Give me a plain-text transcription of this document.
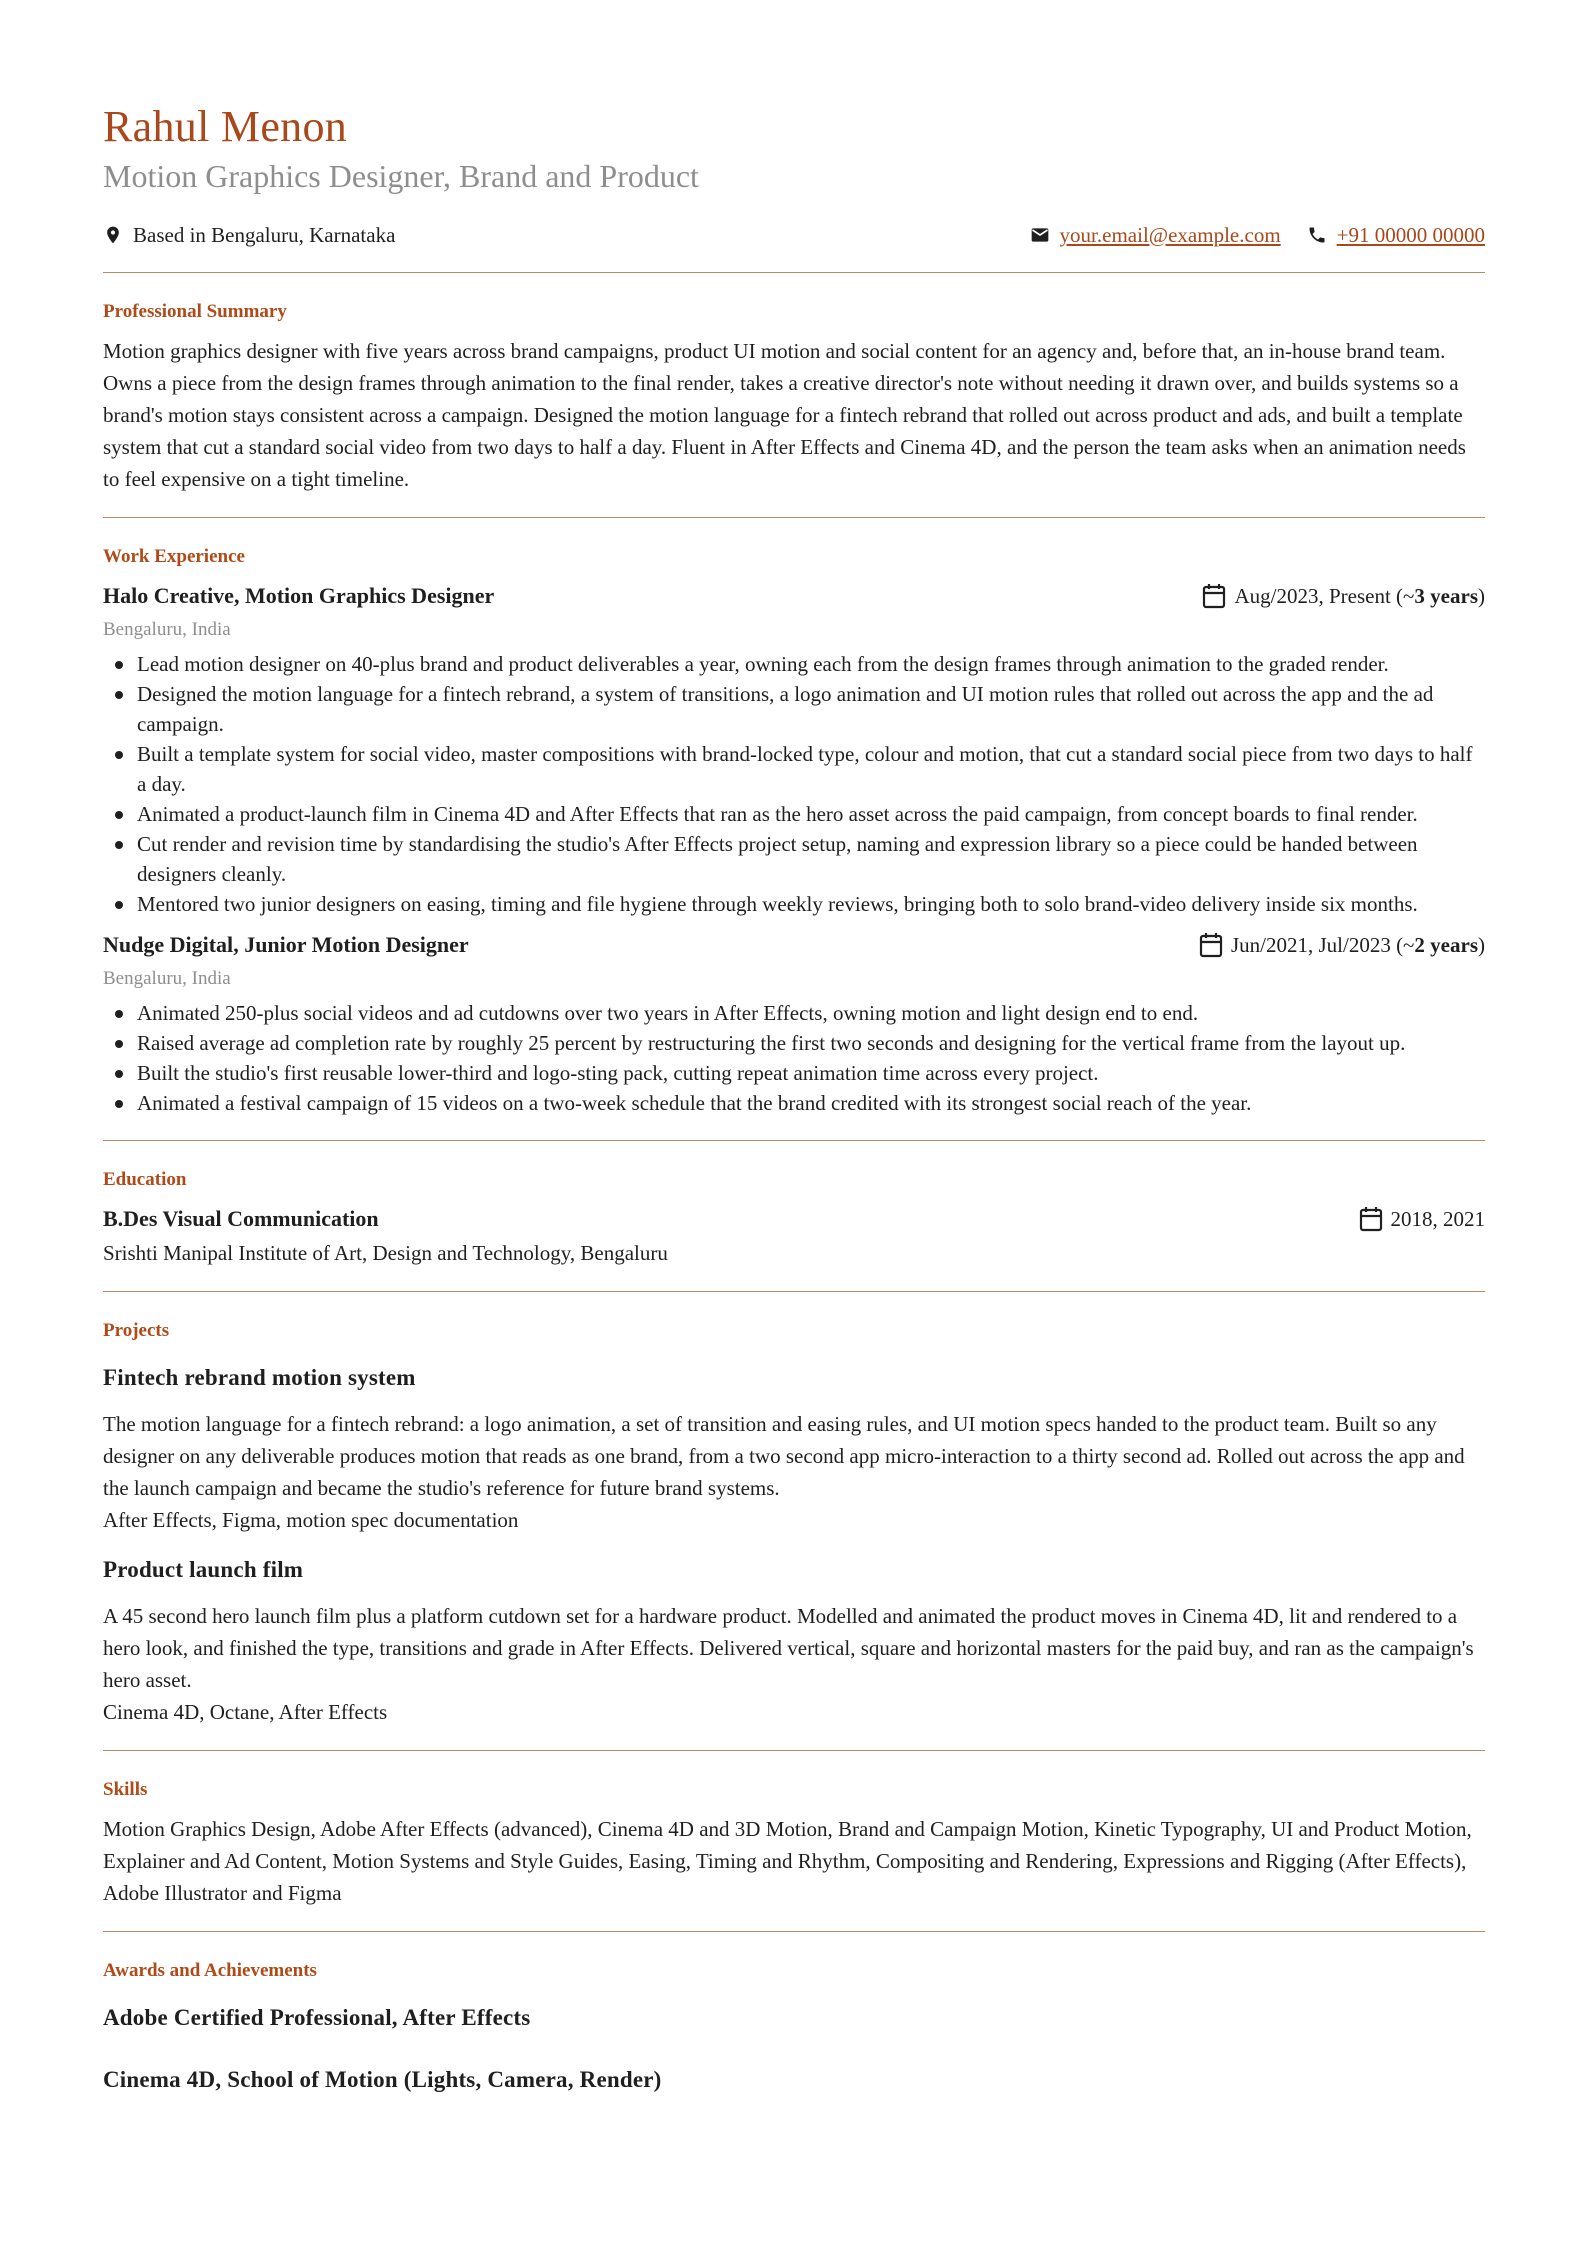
Rahul Menon
Motion Graphics Designer, Brand and Product
Based in Bengaluru, Karnataka	your.email@example.com	+91 00000 00000
Professional Summary

Motion graphics designer with five years across brand campaigns, product UI motion and social content for an agency and, before that, an in-house brand team. Owns a piece from the design frames through animation to the final render, takes a creative director's note without needing it drawn over, and builds systems so a brand's motion stays consistent across a campaign. Designed the motion language for a fintech rebrand that rolled out across product and ads, and built a template system that cut a standard social video from two days to half a day. Fluent in After Effects and Cinema 4D, and the person the team asks when an animation needs to feel expensive on a tight timeline.

Work Experience
Halo Creative, Motion Graphics Designer	Aug/2023, Present (~ 3 years )
Bengaluru, India
Lead motion designer on 40-plus brand and product deliverables a year, owning each from the design frames through animation to the graded render.
Designed the motion language for a fintech rebrand, a system of transitions, a logo animation and UI motion rules that rolled out across the app and the ad campaign.
Built a template system for social video, master compositions with brand-locked type, colour and motion, that cut a standard social piece from two days to half a day.
Animated a product-launch film in Cinema 4D and After Effects that ran as the hero asset across the paid campaign, from concept boards to final render.
Cut render and revision time by standardising the studio's After Effects project setup, naming and expression library so a piece could be handed between designers cleanly.
Mentored two junior designers on easing, timing and file hygiene through weekly reviews, bringing both to solo brand-video delivery inside six months.
Nudge Digital, Junior Motion Designer	Jun/2021, Jul/2023 (~ 2 years )
Bengaluru, India
Animated 250-plus social videos and ad cutdowns over two years in After Effects, owning motion and light design end to end.
Raised average ad completion rate by roughly 25 percent by restructuring the first two seconds and designing for the vertical frame from the layout up.
Built the studio's first reusable lower-third and logo-sting pack, cutting repeat animation time across every project.
Animated a festival campaign of 15 videos on a two-week schedule that the brand credited with its strongest social reach of the year.
Education
B.Des Visual Communication	2018, 2021
Srishti Manipal Institute of Art, Design and Technology, Bengaluru
Projects
Fintech rebrand motion system

The motion language for a fintech rebrand: a logo animation, a set of transition and easing rules, and UI motion specs handed to the product team. Built so any designer on any deliverable produces motion that reads as one brand, from a two second app micro-interaction to a thirty second ad. Rolled out across the app and the launch campaign and became the studio's reference for future brand systems.

After Effects, Figma, motion spec documentation
Product launch film

A 45 second hero launch film plus a platform cutdown set for a hardware product. Modelled and animated the product moves in Cinema 4D, lit and rendered to a hero look, and finished the type, transitions and grade in After Effects. Delivered vertical, square and horizontal masters for the paid buy, and ran as the campaign's hero asset.

Cinema 4D, Octane, After Effects
Skills

Motion Graphics Design, Adobe After Effects (advanced), Cinema 4D and 3D Motion, Brand and Campaign Motion, Kinetic Typography, UI and Product Motion, Explainer and Ad Content, Motion Systems and Style Guides, Easing, Timing and Rhythm, Compositing and Rendering, Expressions and Rigging (After Effects), Adobe Illustrator and Figma

Awards and Achievements
Adobe Certified Professional, After Effects
Cinema 4D, School of Motion (Lights, Camera, Render)
